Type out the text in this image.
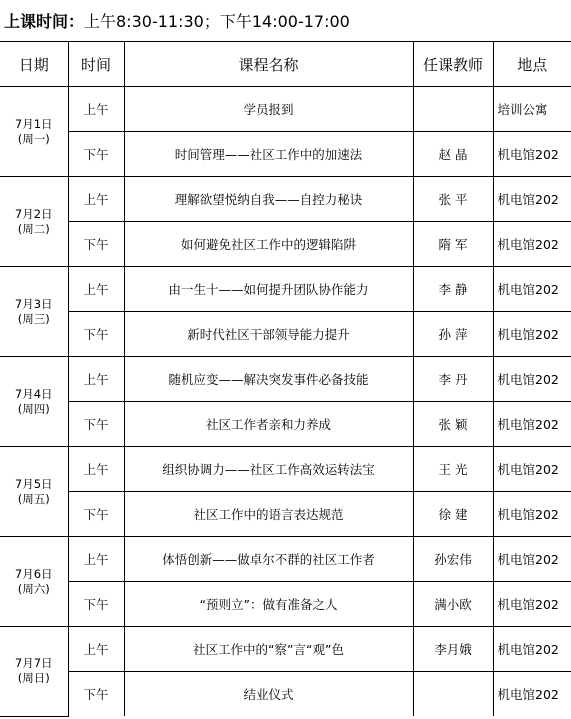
上课时间：上午8:30-11:30；下午14:00-17:00
日期	时间	课程名称	任课教师	地点

7月1日
(周一)	上午	学员报到		培训公寓
	下午	时间管理——社区工作中的加速法	赵 晶	机电馆202

7月2日
(周二)	上午	理解欲望悦纳自我——自控力秘诀	张 平	机电馆202
	下午	如何避免社区工作中的逻辑陷阱	隋 军	机电馆202

7月3日
(周三)	上午	由一生十——如何提升团队协作能力	李 静	机电馆202
	下午	新时代社区干部领导能力提升	孙 萍	机电馆202

7月4日
(周四)	上午	随机应变——解决突发事件必备技能	李 丹	机电馆202
	下午	社区工作者亲和力养成	张 颖	机电馆202

7月5日
(周五)	上午	组织协调力——社区工作高效运转法宝	王 光	机电馆202
	下午	社区工作中的语言表达规范	徐 建	机电馆202

7月6日
(周六)	上午	体悟创新——做卓尔不群的社区工作者	孙宏伟	机电馆202
	下午	“预则立”：做有准备之人	满小欧	机电馆202

7月7日
(周日)	上午	社区工作中的“察”言“观”色	李月娥	机电馆202
	下午	结业仪式		机电馆202
